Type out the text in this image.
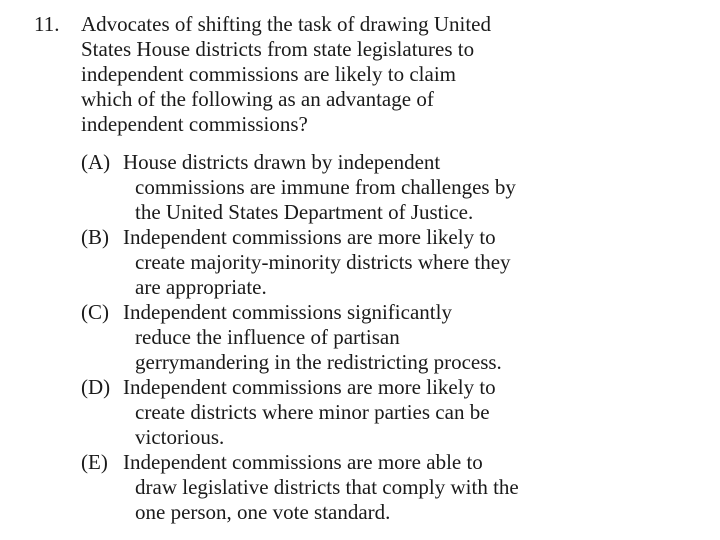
11.	Advocates of shifting the task of drawing United States House districts from state legislatures to independent commissions are likely to claim which of the following as an advantage of independent commissions?
(A) House districts drawn by independent
commissions are immune from challenges by the United States Department of Justice.
(B) Independent commissions are more likely to
create majority-minority districts where they are appropriate.
(C) Independent commissions significantly
reduce the influence of partisan gerrymandering in the redistricting process.
(D) Independent commissions are more likely to
create districts where minor parties can be victorious.
(E) Independent commissions are more able to
draw legislative districts that comply with the one person, one vote standard.
